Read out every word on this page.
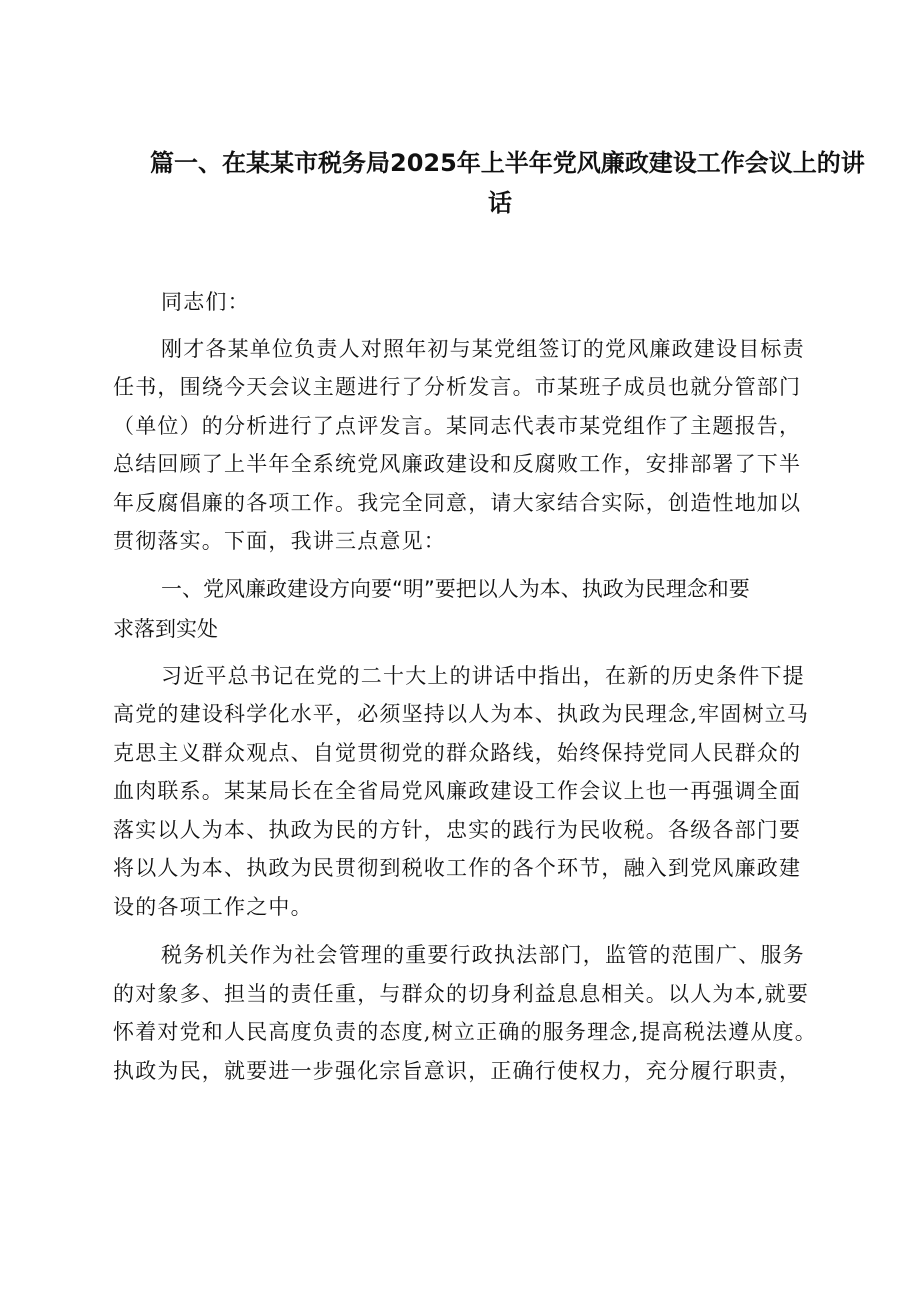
篇一、在某某市税务局2025年上半年党风廉政建设工作会议上的讲
话

同志们：

刚才各某单位负责人对照年初与某党组签订的党风廉政建设目标责
任书，围绕今天会议主题进行了分析发言。市某班子成员也就分管部门
（单位）的分析进行了点评发言。某同志代表市某党组作了主题报告，
总结回顾了上半年全系统党风廉政建设和反腐败工作，安排部署了下半
年反腐倡廉的各项工作。我完全同意，请大家结合实际，创造性地加以
贯彻落实。下面，我讲三点意见：

一、党风廉政建设方向要“明”要把以人为本、执政为民理念和要
求落到实处

习近平总书记在党的二十大上的讲话中指出，在新的历史条件下提
高党的建设科学化水平，必须坚持以人为本、执政为民理念,牢固树立马
克思主义群众观点、自觉贯彻党的群众路线，始终保持党同人民群众的
血肉联系。某某局长在全省局党风廉政建设工作会议上也一再强调全面
落实以人为本、执政为民的方针，忠实的践行为民收税。各级各部门要
将以人为本、执政为民贯彻到税收工作的各个环节，融入到党风廉政建
设的各项工作之中。

税务机关作为社会管理的重要行政执法部门，监管的范围广、服务
的对象多、担当的责任重，与群众的切身利益息息相关。以人为本,就要
怀着对党和人民高度负责的态度,树立正确的服务理念,提高税法遵从度。
执政为民，就要进一步强化宗旨意识，正确行使权力，充分履行职责，
